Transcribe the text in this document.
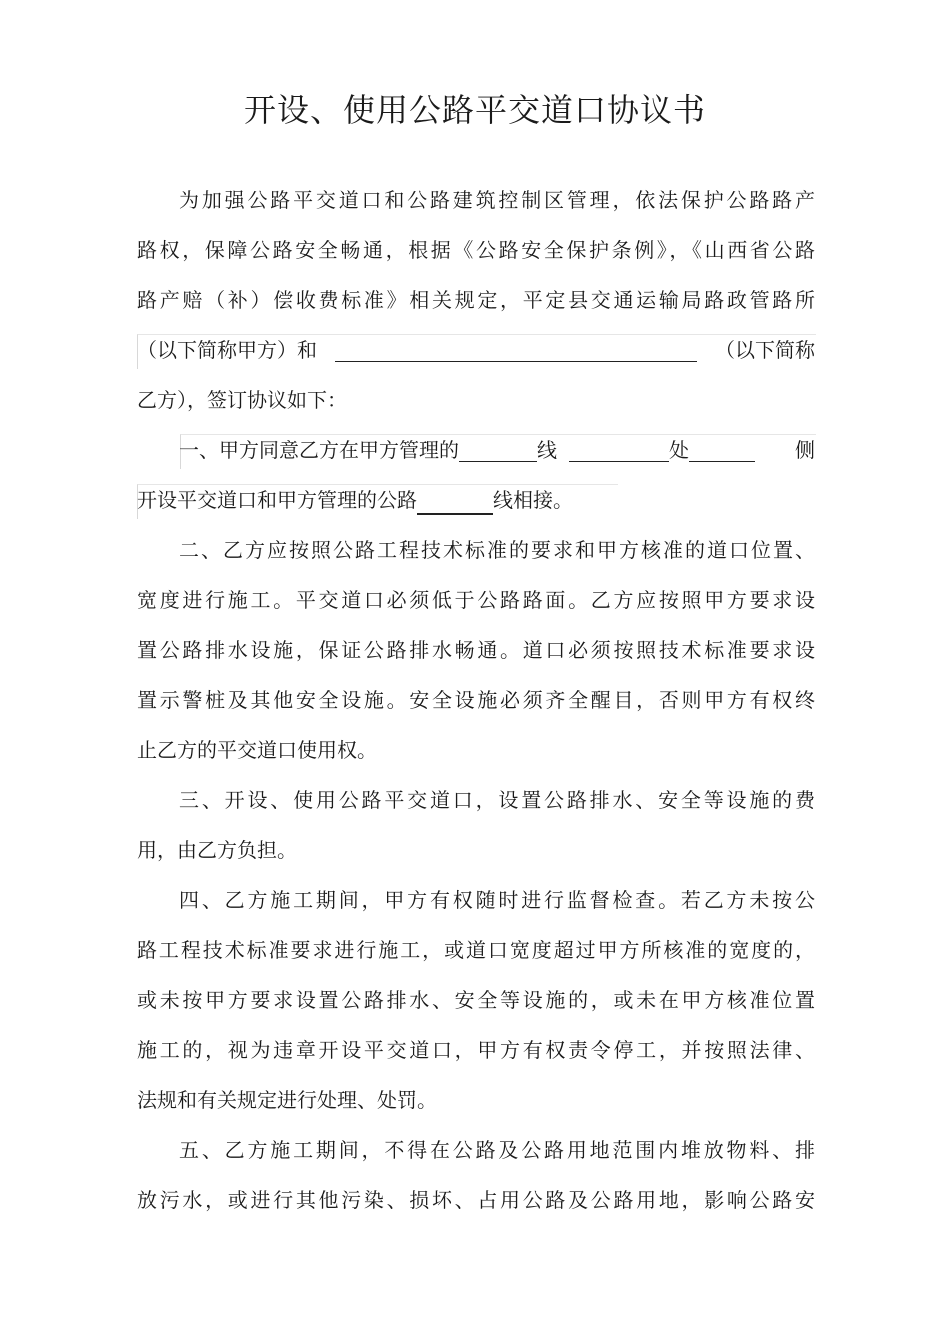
开设、使用公路平交道口协议书
为加强公路平交道口和公路建筑控制区管理，依法保护公路路产
路权，保障公路安全畅通，根据《公路安全保护条例》，《山西省公路
路产赔（补）偿收费标准》相关规定，平定县交通运输局路政管路所
（以下简称甲方）和	（以下简称
乙方），签订协议如下：
一、甲方同意乙方在甲方管理的	线	处	侧
开设平交道口和甲方管理的公路	线相接。
二、乙方应按照公路工程技术标准的要求和甲方核准的道口位置、
宽度进行施工。平交道口必须低于公路路面。乙方应按照甲方要求设
置公路排水设施，保证公路排水畅通。道口必须按照技术标准要求设
置示警桩及其他安全设施。安全设施必须齐全醒目，否则甲方有权终
止乙方的平交道口使用权。
三、开设、使用公路平交道口，设置公路排水、安全等设施的费
用，由乙方负担。
四、乙方施工期间，甲方有权随时进行监督检查。若乙方未按公
路工程技术标准要求进行施工，或道口宽度超过甲方所核准的宽度的，
或未按甲方要求设置公路排水、安全等设施的，或未在甲方核准位置
施工的，视为违章开设平交道口，甲方有权责令停工，并按照法律、
法规和有关规定进行处理、处罚。
五、乙方施工期间，不得在公路及公路用地范围内堆放物料、排
放污水，或进行其他污染、损坏、占用公路及公路用地，影响公路安
